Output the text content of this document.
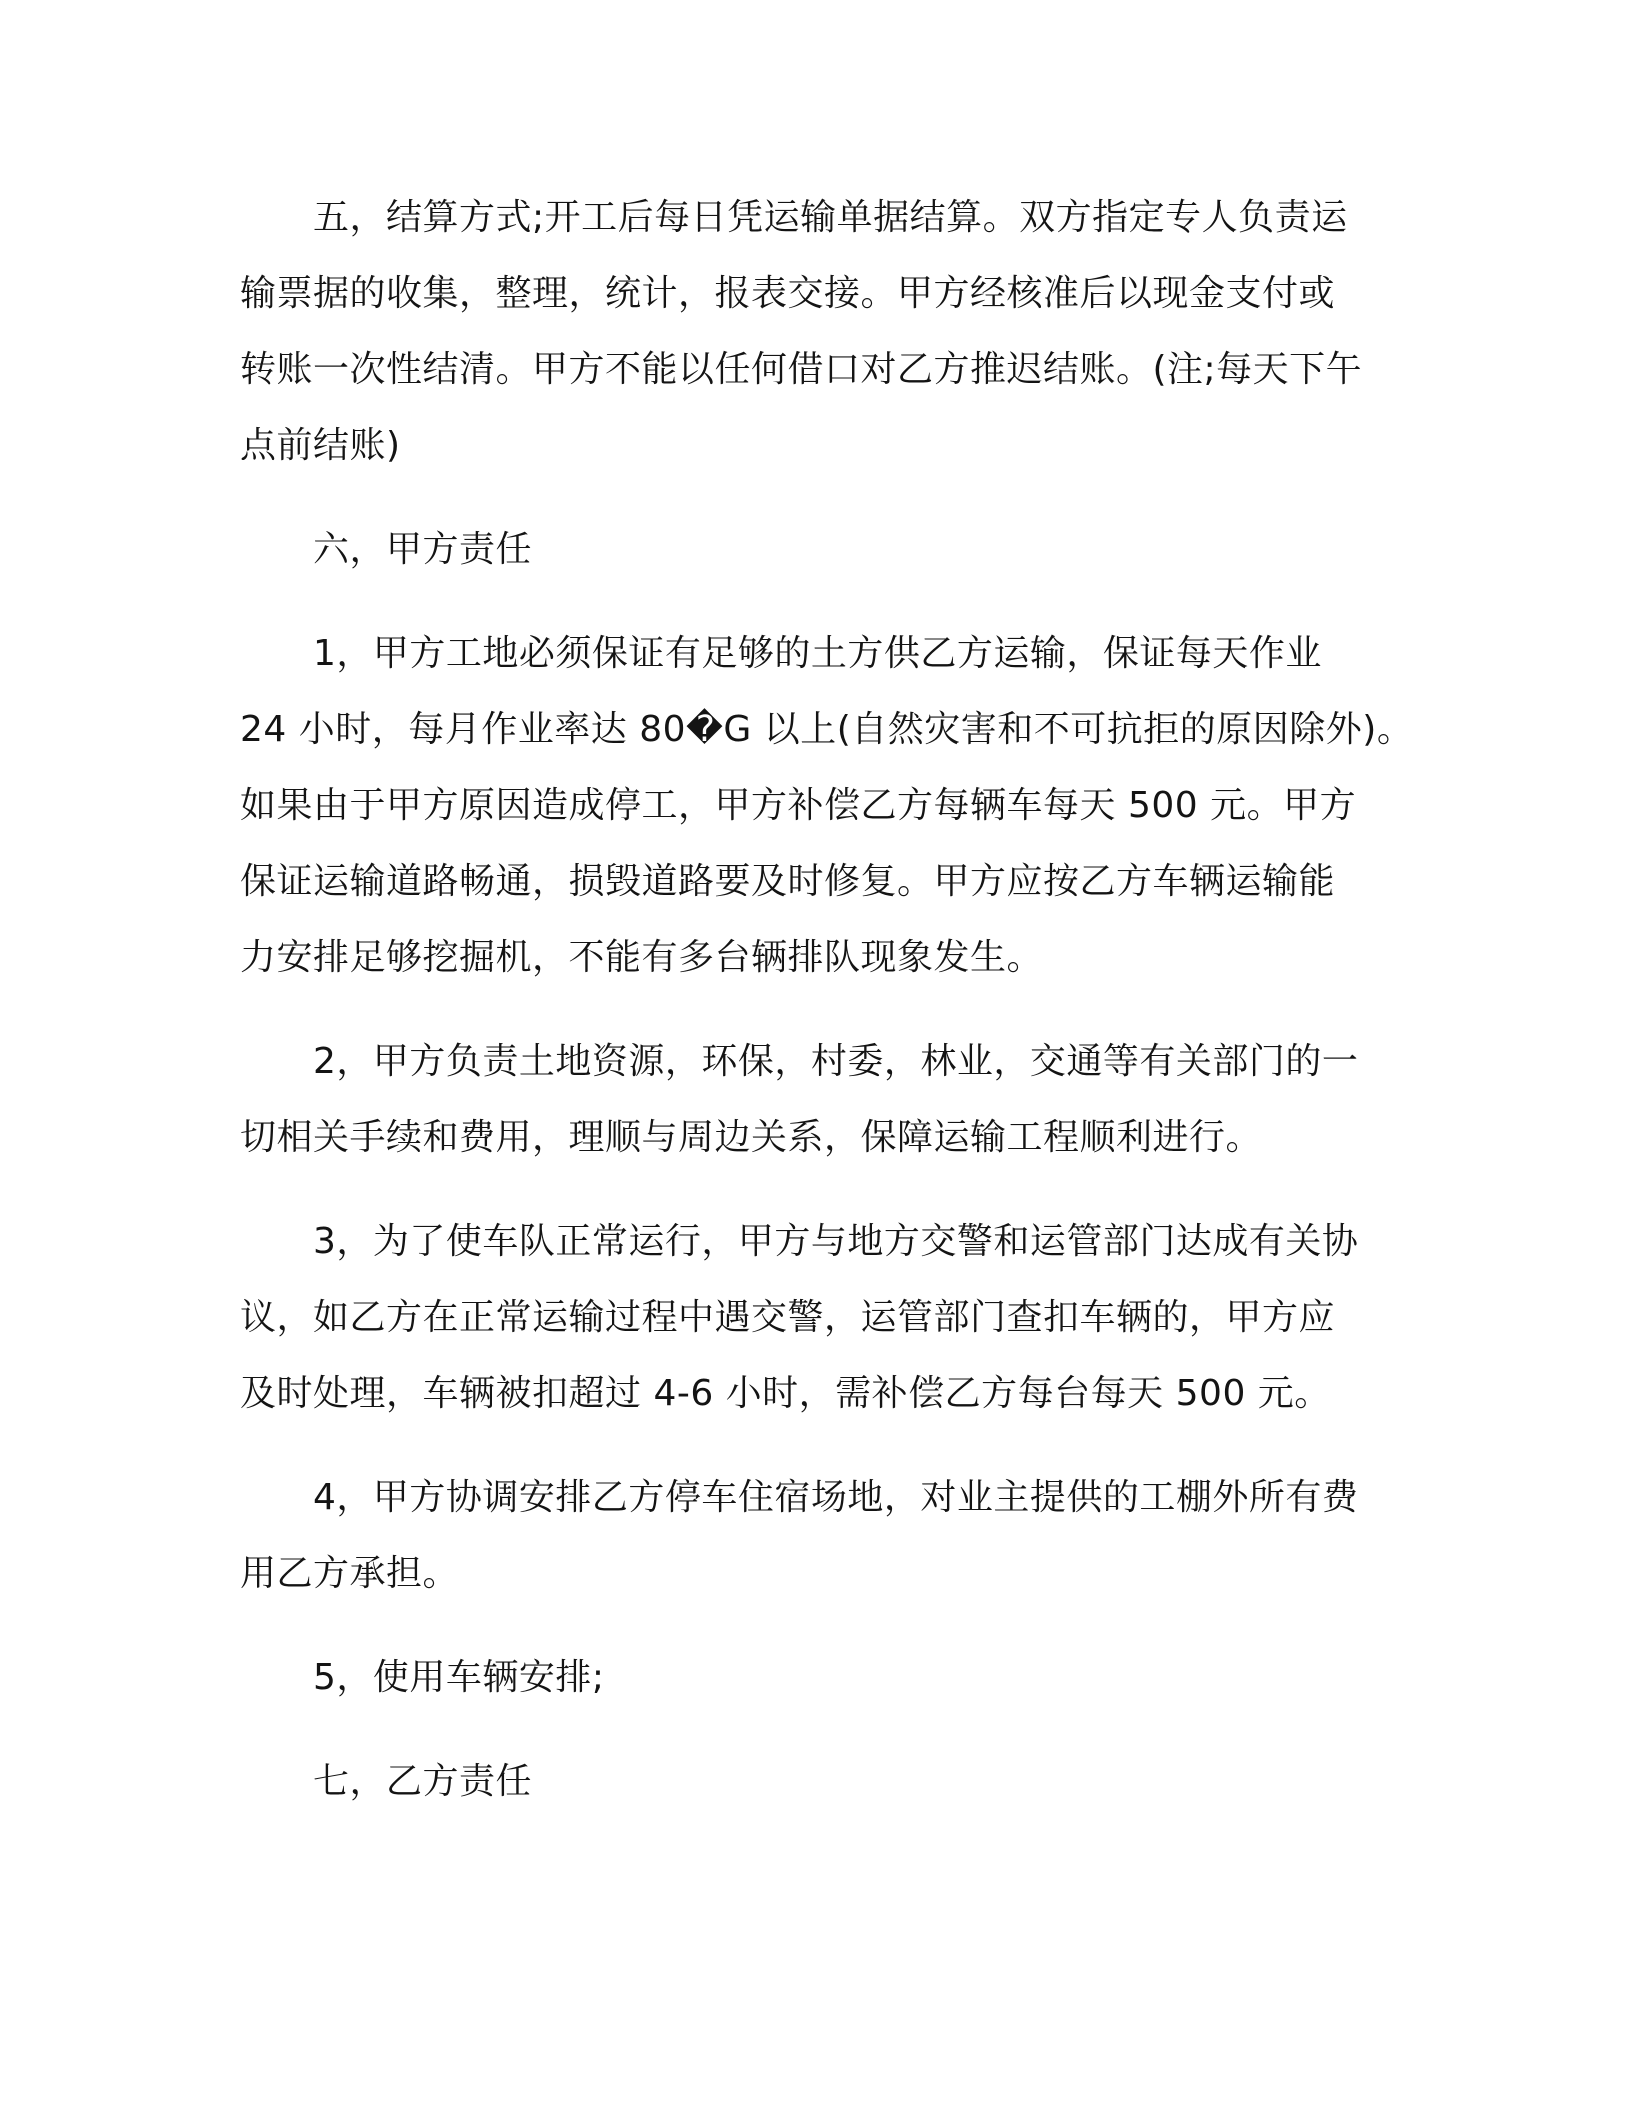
五，结算方式;开工后每日凭运输单据结算。双方指定专人负责运
输票据的收集，整理，统计，报表交接。甲方经核准后以现金支付或
转账一次性结清。甲方不能以任何借口对乙方推迟结账。(注;每天下午
点前结账)
六，甲方责任
1，甲方工地必须保证有足够的土方供乙方运输，保证每天作业
24 小时，每月作业率达 80�G 以上(自然灾害和不可抗拒的原因除外)。
如果由于甲方原因造成停工，甲方补偿乙方每辆车每天 500 元。甲方
保证运输道路畅通，损毁道路要及时修复。甲方应按乙方车辆运输能
力安排足够挖掘机，不能有多台辆排队现象发生。
2，甲方负责土地资源，环保，村委，林业，交通等有关部门的一
切相关手续和费用，理顺与周边关系，保障运输工程顺利进行。
3，为了使车队正常运行，甲方与地方交警和运管部门达成有关协
议，如乙方在正常运输过程中遇交警，运管部门查扣车辆的，甲方应
及时处理，车辆被扣超过 4-6 小时，需补偿乙方每台每天 500 元。
4，甲方协调安排乙方停车住宿场地，对业主提供的工棚外所有费
用乙方承担。
5，使用车辆安排;
七，乙方责任
